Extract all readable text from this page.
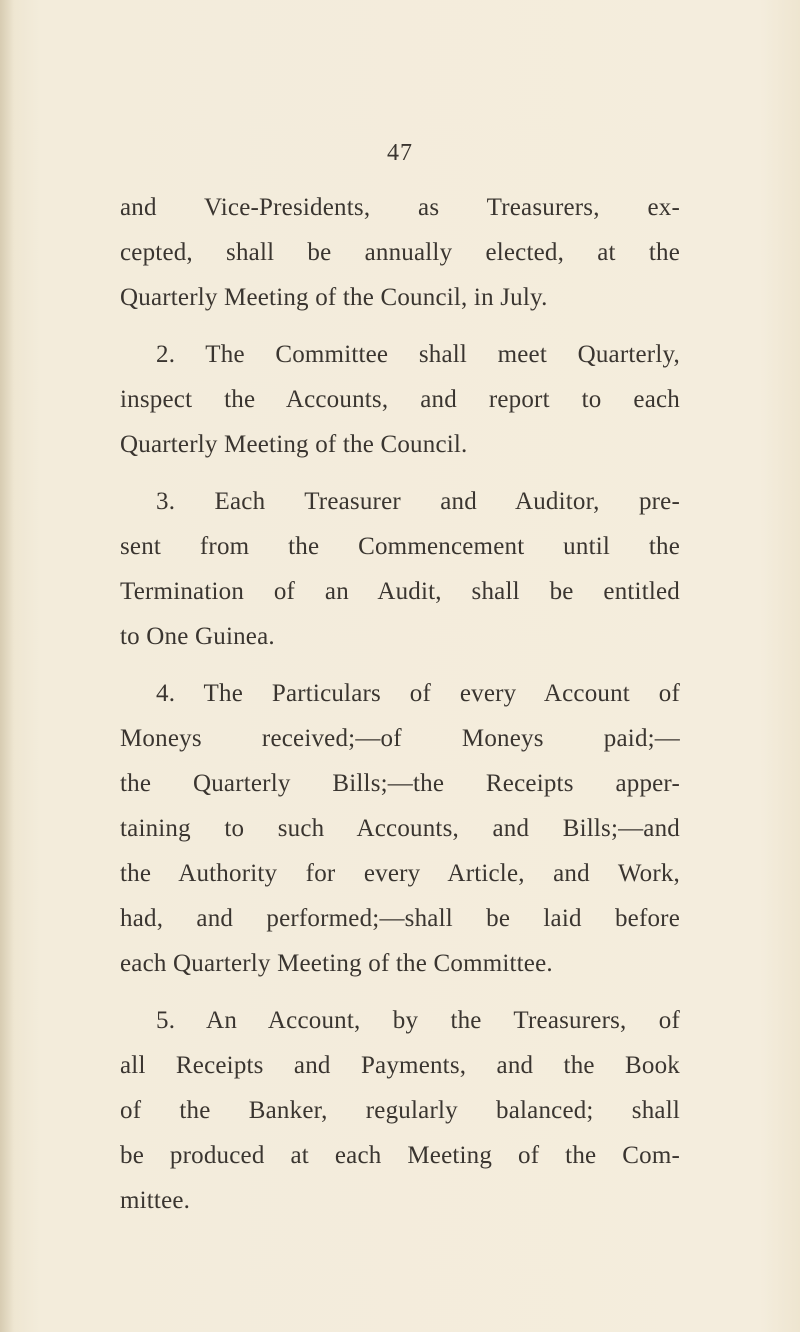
47
and Vice-Presidents, as Treasurers, ex-
cepted, shall be annually elected, at the
Quarterly Meeting of the Council, in July.
2. The Committee shall meet Quarterly,
inspect the Accounts, and report to each
Quarterly Meeting of the Council.
3. Each Treasurer and Auditor, pre-
sent from the Commencement until the
Termination of an Audit, shall be entitled
to One Guinea.
4. The Particulars of every Account of
Moneys received;—of Moneys paid;—
the Quarterly Bills;—the Receipts apper-
taining to such Accounts, and Bills;—and
the Authority for every Article, and Work,
had, and performed;—shall be laid before
each Quarterly Meeting of the Committee.
5. An Account, by the Treasurers, of
all Receipts and Payments, and the Book
of the Banker, regularly balanced; shall
be produced at each Meeting of the Com-
mittee.
